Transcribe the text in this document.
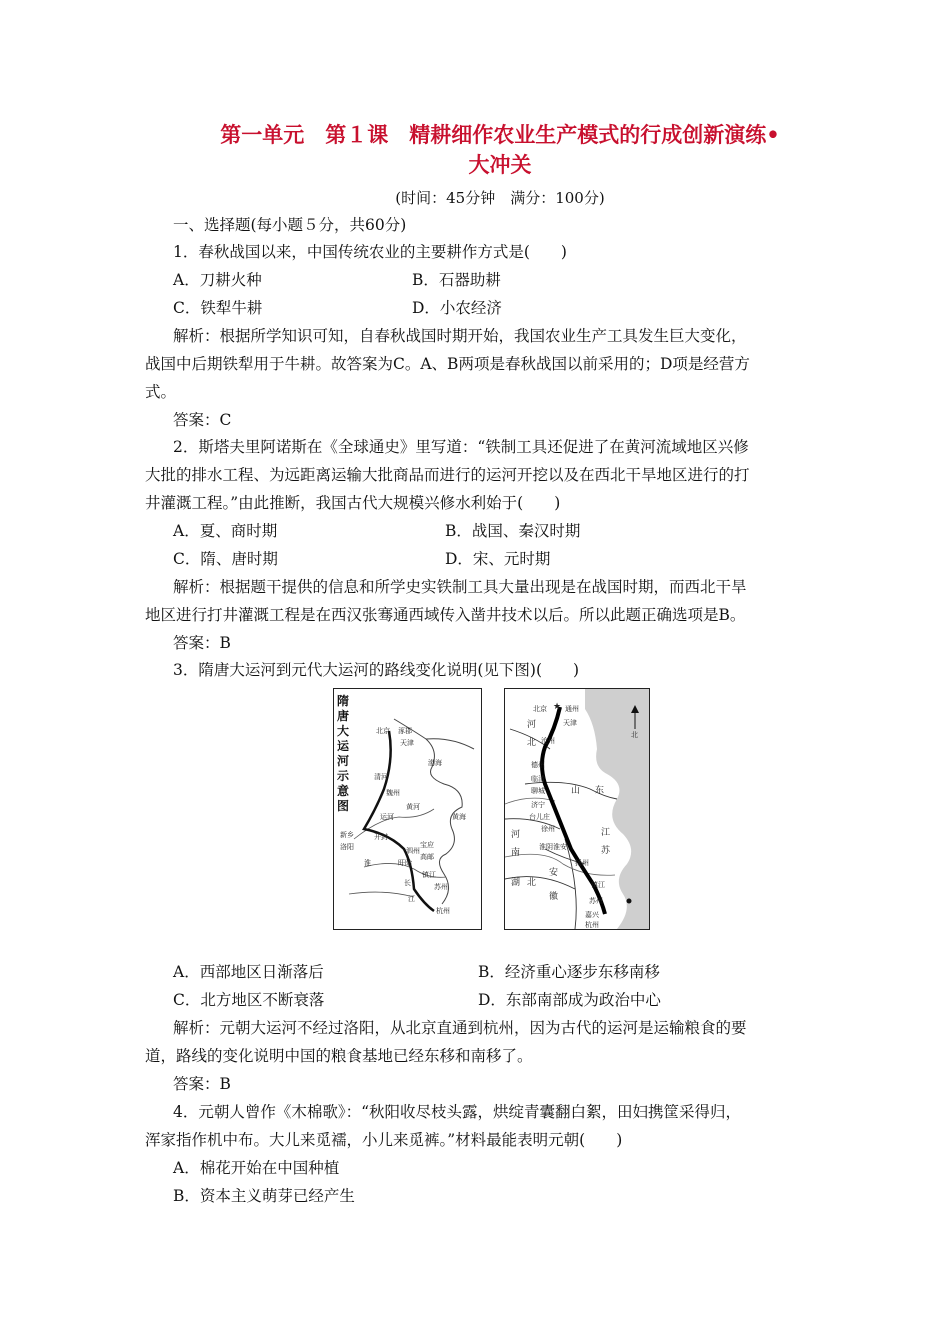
第一单元　第１课　精耕细作农业生产模式的行成创新演练•
大冲关
(时间：45分钟　满分：100分)
一、选择题(每小题５分，共60分)
1．春秋战国以来，中国传统农业的主要耕作方式是(　　)
A．刀耕火种	B．石器助耕
C．铁犁牛耕	D．小农经济
解析：根据所学知识可知，自春秋战国时期开始，我国农业生产工具发生巨大变化，
战国中后期铁犁用于牛耕。故答案为C。A、B两项是春秋战国以前采用的；D项是经营方
式。
答案：C
2．斯塔夫里阿诺斯在《全球通史》里写道：“铁制工具还促进了在黄河流域地区兴修
大批的排水工程、为远距离运输大批商品而进行的运河开挖以及在西北干旱地区进行的打
井灌溉工程。”由此推断，我国古代大规模兴修水利始于(　　)
A．夏、商时期	B．战国、秦汉时期
C．隋、唐时期	D．宋、元时期
解析：根据题干提供的信息和所学史实铁制工具大量出现是在战国时期，而西北干旱
地区进行打井灌溉工程是在西汉张骞通西域传入凿井技术以后。所以此题正确选项是B。
答案：B
3．隋唐大运河到元代大运河的路线变化说明(见下图)(　　)
隋
唐
大
运
河
示
意
图
北京 涿郡
天津
渤海
清河
魏州
黄河
新乡
洛阳
开封
泗州
淮	盱眙
宝应
高邮
镇江
长	苏州
江
杭州
黄海
运河
★
北京	通州
天津
河
北 沧州
德州
临清
聊城	山 东
济宁
台儿庄
徐州
河
南
淮安
扬州
淮阴
江
苏
安
徽
湖 北	镇江
苏州
嘉兴
杭州
北
A．西部地区日渐落后	B．经济重心逐步东移南移
C．北方地区不断衰落	D．东部南部成为政治中心
解析：元朝大运河不经过洛阳，从北京直通到杭州，因为古代的运河是运输粮食的要
道，路线的变化说明中国的粮食基地已经东移和南移了。
答案：B
4．元朝人曾作《木棉歌》：“秋阳收尽枝头露，烘绽青囊翻白絮，田妇携筐采得归，
浑家指作机中布。大儿来觅襦，小儿来觅裤。”材料最能表明元朝(　　)
A．棉花开始在中国种植
B．资本主义萌芽已经产生
